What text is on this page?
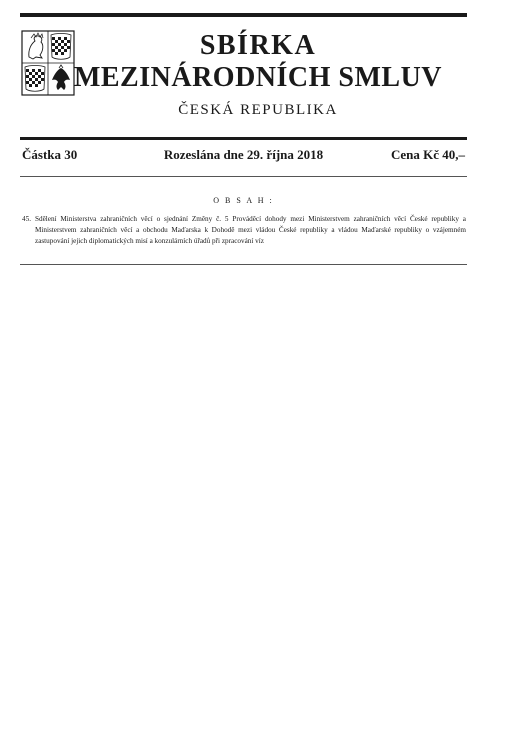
SBÍRKA
MEZINÁRODNÍCH SMLUV
ČESKÁ REPUBLIKA
Částka 30	Rozeslána dne 29. října 2018	Cena Kč 40,–
O B S A H :
45. Sdělení Ministerstva zahraničních věcí o sjednání Změny č. 5 Prováděcí dohody mezi Ministerstvem zahraničních věcí České republiky a Ministerstvem zahraničních věcí a obchodu Maďarska k Dohodě mezi vládou České republiky a vládou Maďarské republiky o vzájemném zastupování jejich diplomatických misí a konzulárních úřadů při zpracování víz
